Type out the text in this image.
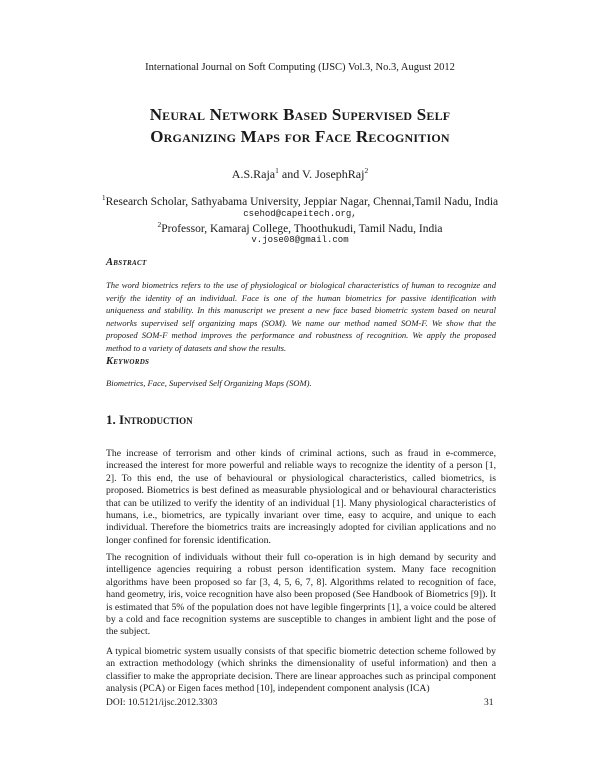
International Journal on Soft Computing (IJSC) Vol.3, No.3, August 2012
Neural Network Based Supervised Self
Organizing Maps for Face Recognition
A.S.Raja$^1$ and V. JosephRaj$^2$
$^1$Research Scholar, Sathyabama University, Jeppiar Nagar, Chennai,Tamil Nadu, India
csehod@capeitech.org,
$^2$Professor, Kamaraj College, Thoothukudi, Tamil Nadu, India
v.jose08@gmail.com
Abstract
The word biometrics refers to the use of physiological or biological characteristics of human to recognize and verify the identity of an individual. Face is one of the human biometrics for passive identification with uniqueness and stability. In this manuscript we present a new face based biometric system based on neural networks supervised self organizing maps (SOM). We name our method named SOM-F. We show that the proposed SOM-F method improves the performance and robustness of recognition. We apply the proposed method to a variety of datasets and show the results.
Keywords
Biometrics, Face, Supervised Self Organizing Maps (SOM).
1. Introduction
The increase of terrorism and other kinds of criminal actions, such as fraud in e-commerce, increased the interest for more powerful and reliable ways to recognize the identity of a person [1, 2]. To this end, the use of behavioural or physiological characteristics, called biometrics, is proposed. Biometrics is best defined as measurable physiological and or behavioural characteristics that can be utilized to verify the identity of an individual [1]. Many physiological characteristics of humans, i.e., biometrics, are typically invariant over time, easy to acquire, and unique to each individual. Therefore the biometrics traits are increasingly adopted for civilian applications and no longer confined for forensic identification.
The recognition of individuals without their full co-operation is in high demand by security and intelligence agencies requiring a robust person identification system. Many face recognition algorithms have been proposed so far [3, 4, 5, 6, 7, 8]. Algorithms related to recognition of face, hand geometry, iris, voice recognition have also been proposed (See Handbook of Biometrics [9]). It is estimated that 5% of the population does not have legible fingerprints [1], a voice could be altered by a cold and face recognition systems are susceptible to changes in ambient light and the pose of the subject.
A typical biometric system usually consists of that specific biometric detection scheme followed by an extraction methodology (which shrinks the dimensionality of useful information) and then a classifier to make the appropriate decision. There are linear approaches such as principal component analysis (PCA) or Eigen faces method [10], independent component analysis (ICA)
DOI: 10.5121/ijsc.2012.3303	31
